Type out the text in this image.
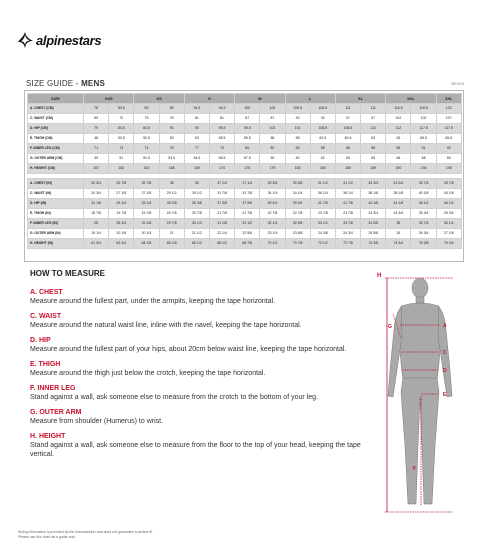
alpinestars
SIZE GUIDE - MENS	REV04
SIZE	XXS		XS		S		M		L		XL		XXL		3XL
A. CHEST (CM)	78	83.5	89	89	94.5	94.5	100	100	105.5	105.5	111	111	116.5	116.5	122
C. WAIST (CM)	69	72	75	75	81	81	87	87	92	92	97	97	102	102	107
D. HIP (CM)	79	84.5	84.5	90	90	95.5	95.5	101	101	106.5	106.5	112	112	117.5	117.5
E. THIGH (CM)	48	50.5	50.5	53	53	55.5	55.5	58	58	60.5	60.5	63	63	65.5	65.5
F. INNER LEG (CM)	71	73	74	76	77	79	80	82	83	85	86	88	89	91	92
G. OUTER ARM (CM)	49	51	51.5	53.5	54.5	56.5	57.5	59	60	62	63	65	66	68	69
H. HEIGHT (CM)	157	162	163	168	169	174	175	179	180	184	185	189	190	194	195

A. CHEST (IN)	30 3/4	32 7/8	32 7/8	35	35	37 1/4	37 1/4	39 3/8	39 3/8	41 1/2	41 1/2	43 3/4	43 3/4	45 7/8	45 7/8
C. WAIST (IN)	24 3/4	27 1/8	27 1/8	29 1/2	29 1/2	31 7/8	31 7/8	34 1/4	34 1/4	36 1/4	36 1/4	38 1/8	38 1/8	40 1/8	40 1/8
D. HIP (IN)	31 1/8	33 1/4	33 1/4	35 3/8	35 3/8	37 5/8	37 5/8	39 3/4	39 3/4	41 7/8	41 7/8	44 1/8	44 1/8	46 1/4	46 1/4
E. THIGH (IN)	18 7/8	19 7/8	19 7/8	20 7/8	20 7/8	21 7/8	21 7/8	22 7/8	22 7/8	23 7/8	23 7/8	24 3/4	24 3/4	25 3/4	25 3/4
F. INNER LEG (IN)	28	28 3/4	29 1/8	29 7/8	30 1/4	31 1/8	31 1/2	32 1/4	32 5/8	33 1/2	33 7/8	34 5/8	35	35 7/8	36 1/4
G. OUTER ARM (IN)	19 1/4	20 1/8	20 1/4	21	21 1/2	22 1/4	22 5/8	23 1/4	23 5/8	24 3/8	24 3/4	25 5/8	26	26 3/4	27 1/8
H. HEIGHT (IN)	61 3/4	63 3/4	64 1/8	66 1/8	66 1/2	68 1/2	68 7/8	70 1/2	70 7/8	72 1/2	72 7/8	74 3/8	74 3/4	76 3/8	76 3/4
HOW TO MEASURE
A. CHEST
Measure around the fullest part, under the armpits, keeping the tape horizontal.
C. WAIST
Measure around the natural waist line, inline with the navel, keeping the tape horizontal.
D. HIP
Measure around the fullest part of your hips, about 20cm below waist line, keeping the tape horizontal.
E. THIGH
Measure around the thigh just below the crotch, keeping the tape horizontal.
F. INNER LEG
Stand against a wall, ask someone else to measure from the crotch to the bottom of your leg.
G. OUTER ARM
Measure from shoulder (Humerus) to wrist.
H. HEIGHT
Stand against a wall, ask someone else to measure from the floor to the top of your head, keeping the tape vertical.
H
G	A
C
D
E
F
Sizing information is provided by the manufacturer and does not guarantee a perfect fit.
Please use this chart as a guide only.
